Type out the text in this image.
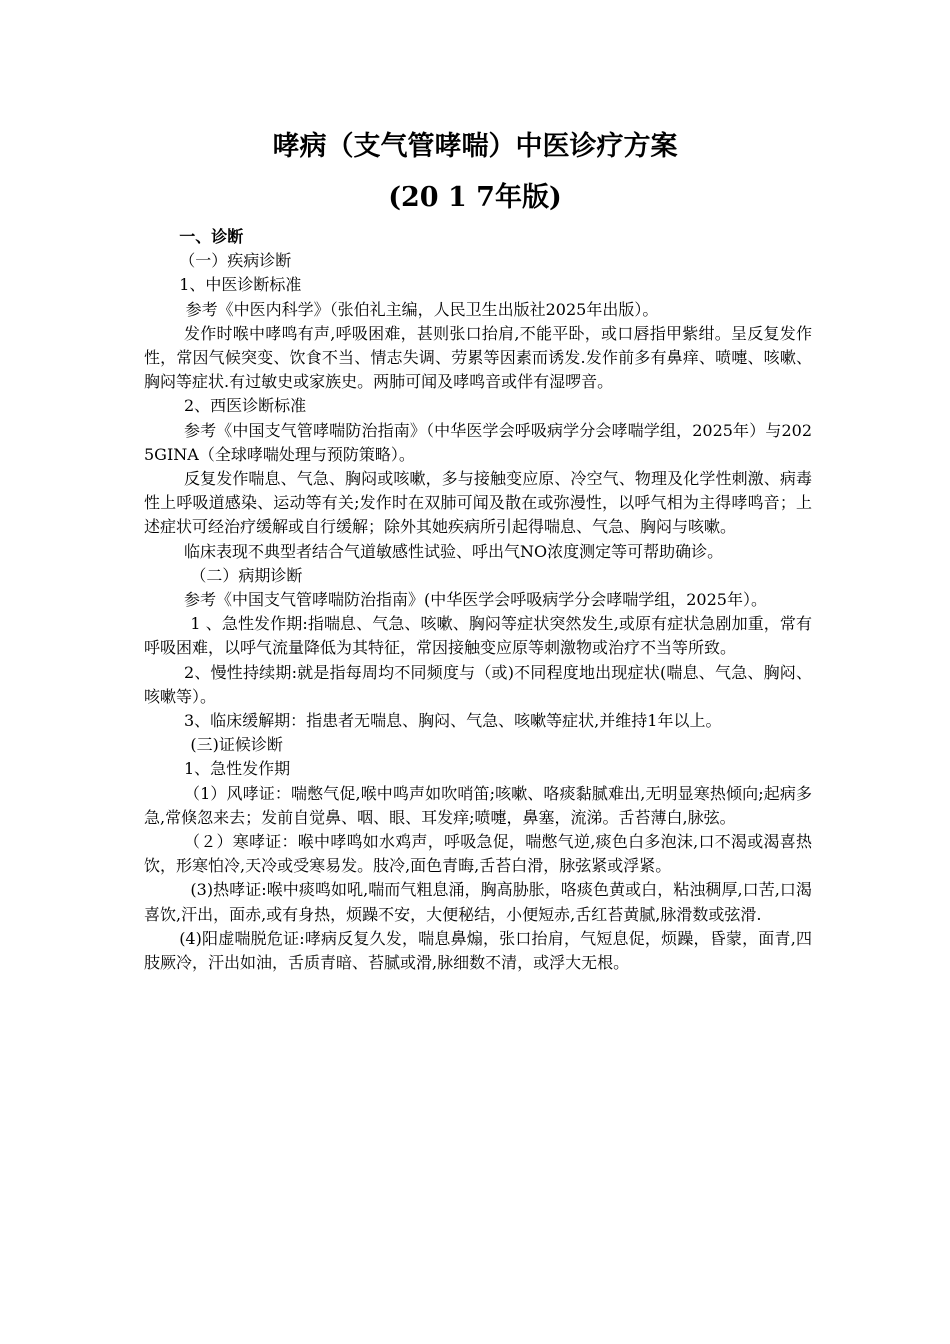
哮病（支气管哮喘）中医诊疗方案
(20 1 7年版)

一、诊断

（一）疾病诊断

1、中医诊断标准

参考《中医内科学》（张伯礼主编，人民卫生出版社2025年出版）。

发作时喉中哮鸣有声,呼吸困难，甚则张口抬肩,不能平卧，或口唇指甲紫绀。呈反复发作性，常因气候突变、饮食不当、情志失调、劳累等因素而诱发.发作前多有鼻痒、喷嚏、咳嗽、胸闷等症状.有过敏史或家族史。两肺可闻及哮鸣音或伴有湿啰音。

2、西医诊断标准

参考《中国支气管哮喘防治指南》（中华医学会呼吸病学分会哮喘学组，2025年）与2025GINA（全球哮喘处理与预防策略）。

反复发作喘息、气急、胸闷或咳嗽，多与接触变应原、冷空气、物理及化学性刺激、病毒性上呼吸道感染、运动等有关;发作时在双肺可闻及散在或弥漫性，以呼气相为主得哮鸣音；上述症状可经治疗缓解或自行缓解；除外其她疾病所引起得喘息、气急、胸闷与咳嗽。

临床表现不典型者结合气道敏感性试验、呼出气NO浓度测定等可帮助确诊。

（二）病期诊断

参考《中国支气管哮喘防治指南》(中华医学会呼吸病学分会哮喘学组，2025年）。

1 、急性发作期:指喘息、气急、咳嗽、胸闷等症状突然发生,或原有症状急剧加重，常有呼吸困难，以呼气流量降低为其特征，常因接触变应原等刺激物或治疗不当等所致。

2、慢性持续期:就是指每周均不同频度与（或)不同程度地出现症状(喘息、气急、胸闷、咳嗽等）。

3、临床缓解期：指患者无喘息、胸闷、气急、咳嗽等症状,并维持1年以上。

(三)证候诊断

1、急性发作期

（1）风哮证：喘憋气促,喉中鸣声如吹哨笛;咳嗽、咯痰黏腻难出,无明显寒热倾向;起病多急,常倏忽来去；发前自觉鼻、咽、眼、耳发痒;喷嚏，鼻塞，流涕。舌苔薄白,脉弦。

（２）寒哮证：喉中哮鸣如水鸡声，呼吸急促，喘憋气逆,痰色白多泡沫,口不渴或渴喜热饮，形寒怕冷,天冷或受寒易发。肢冷,面色青晦,舌苔白滑，脉弦紧或浮紧。

(3)热哮证:喉中痰鸣如吼,喘而气粗息涌，胸高胁胀，咯痰色黄或白，粘浊稠厚,口苦,口渴喜饮,汗出，面赤,或有身热，烦躁不安，大便秘结，小便短赤,舌红苔黄腻,脉滑数或弦滑.

(4)阳虚喘脱危证:哮病反复久发，喘息鼻煽，张口抬肩，气短息促，烦躁，昏蒙，面青,四肢厥冷，汗出如油，舌质青暗、苔腻或滑,脉细数不清，或浮大无根。
